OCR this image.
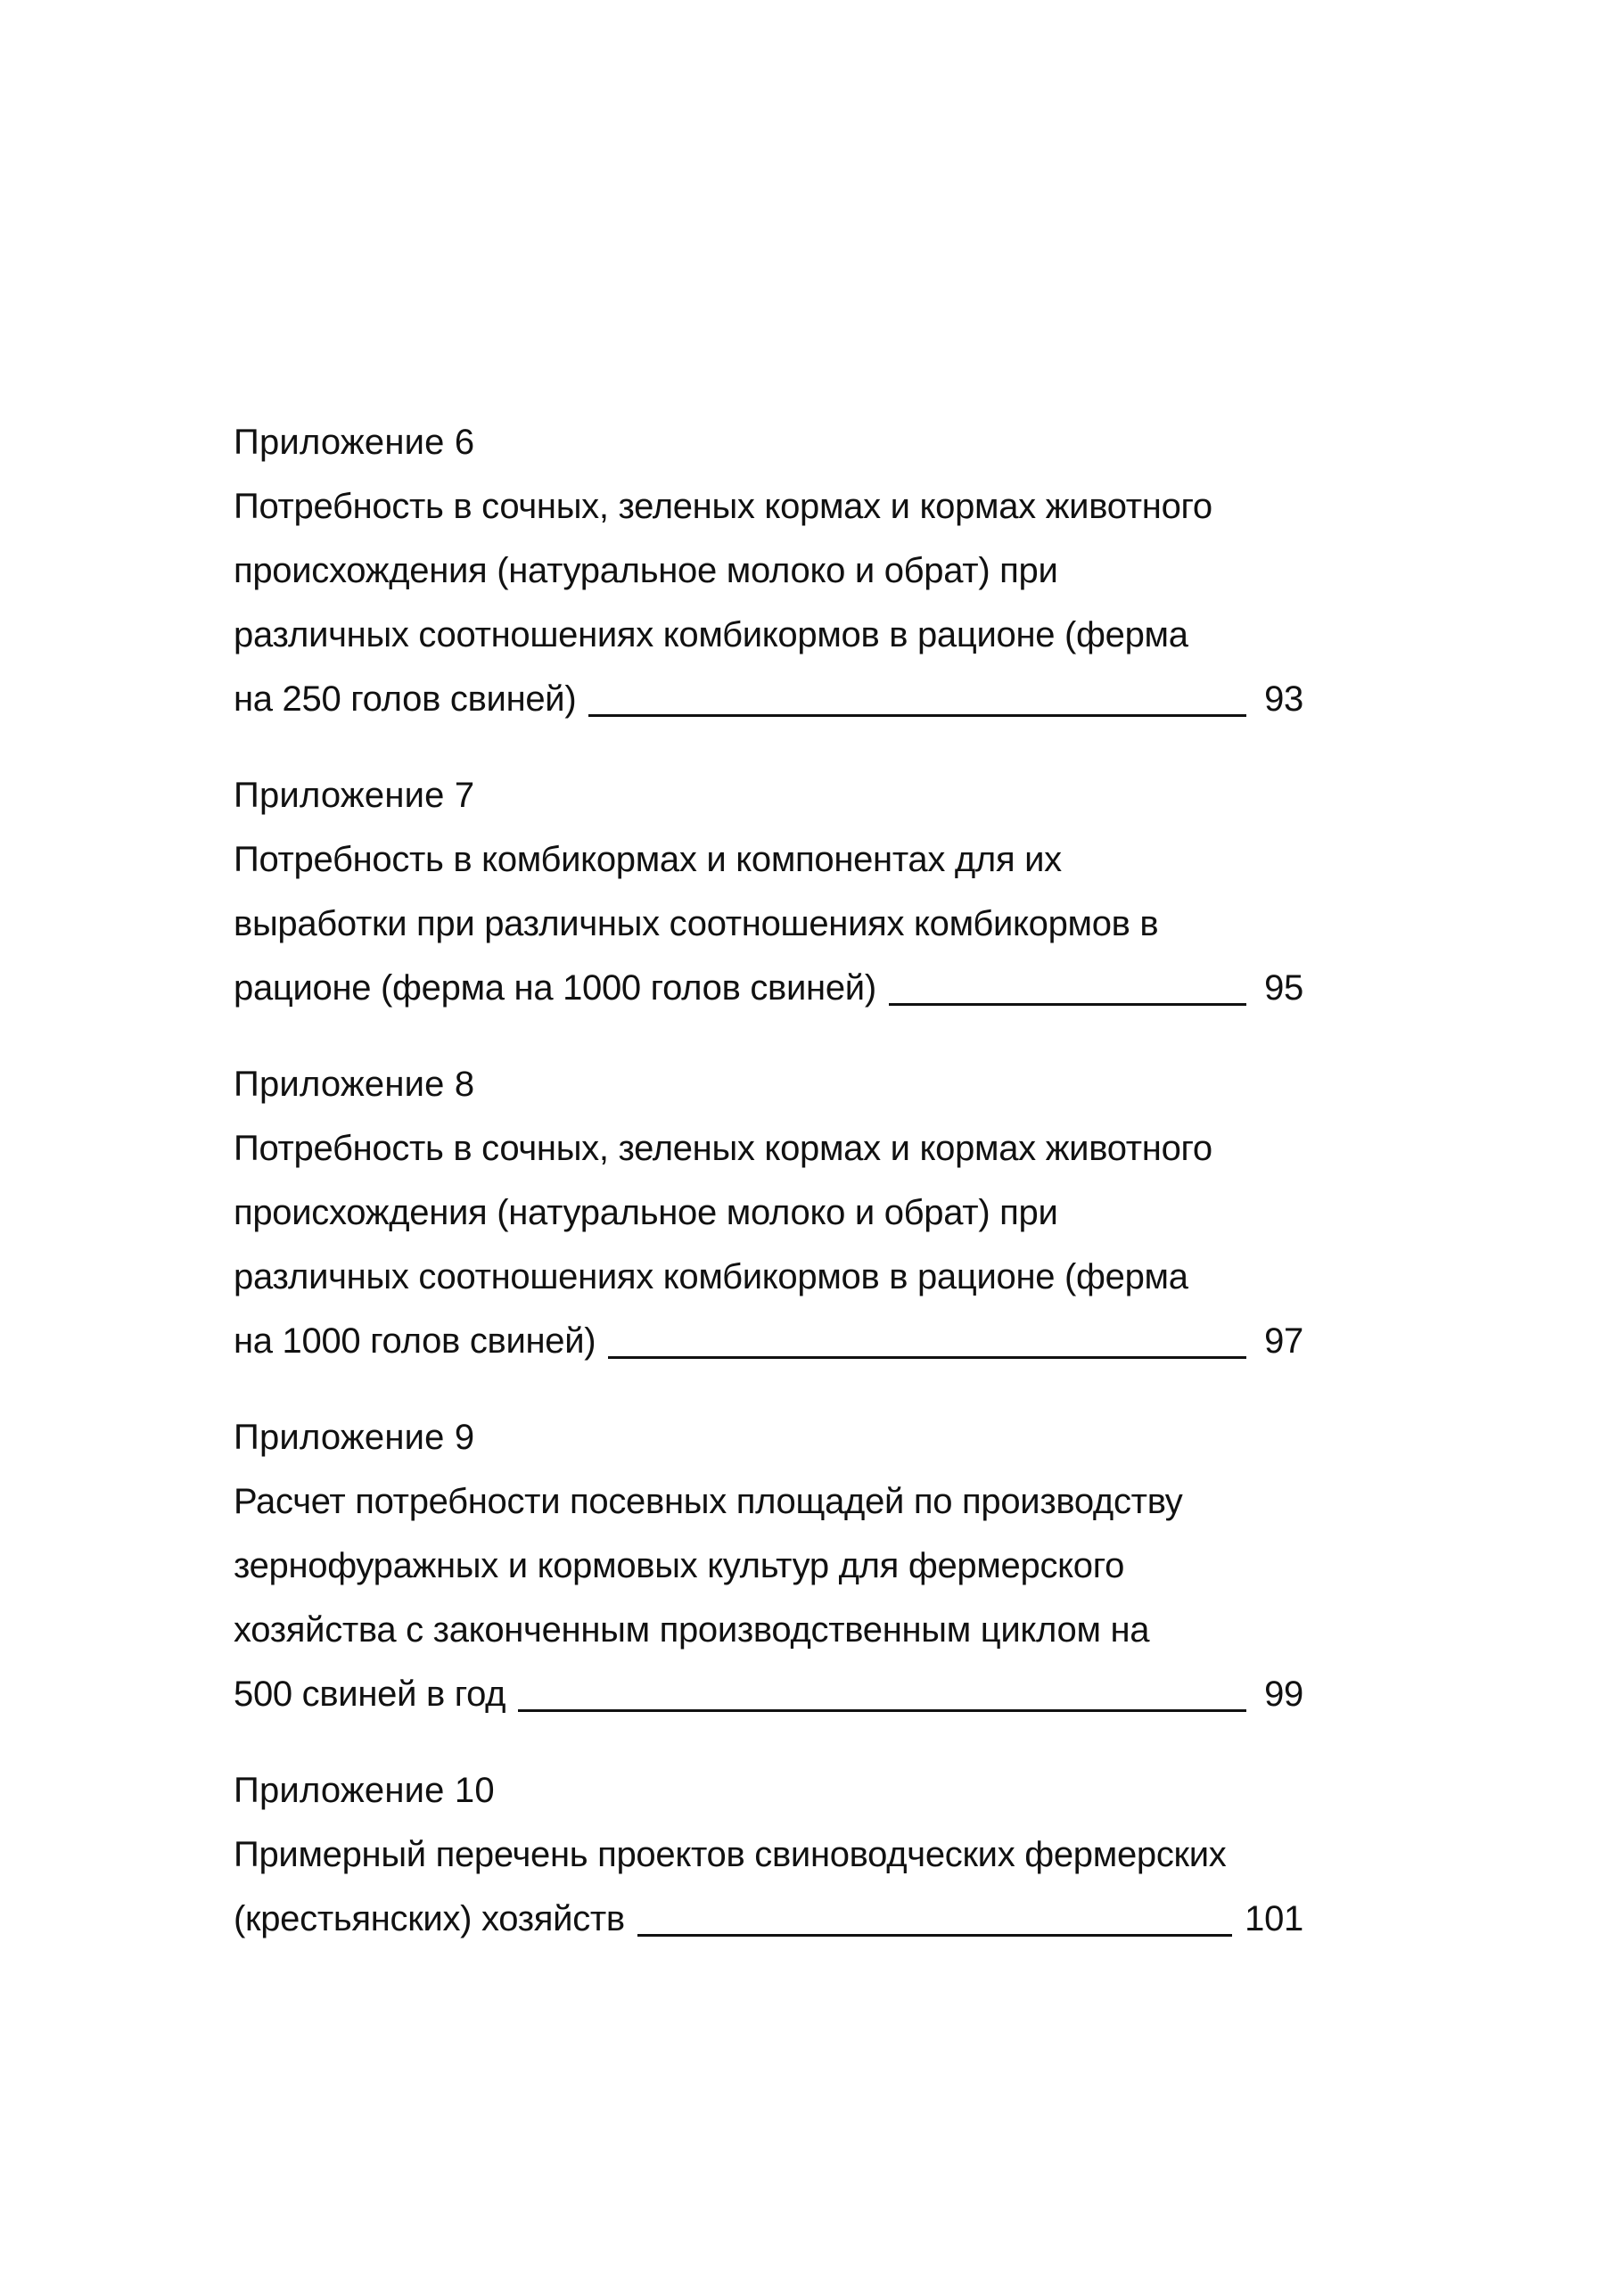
Приложение 6
Потребность в сочных, зеленых кормах и кормах животного
происхождения (натуральное молоко и обрат) при
различных соотношениях комбикормов в рационе (ферма
на 250 голов свиней)	93
Приложение 7
Потребность в комбикормах и компонентах для их
выработки при различных соотношениях комбикормов в
рационе (ферма на 1000 голов свиней)	95
Приложение 8
Потребность в сочных, зеленых кормах и кормах животного
происхождения (натуральное молоко и обрат) при
различных соотношениях комбикормов в рационе (ферма
на 1000 голов свиней)	97
Приложение 9
Расчет потребности посевных площадей по производству
зернофуражных и кормовых культур для фермерского
хозяйства с законченным производственным циклом на
500 свиней в год	99
Приложение 10
Примерный перечень проектов свиноводческих фермерских
(крестьянских) хозяйств	101
